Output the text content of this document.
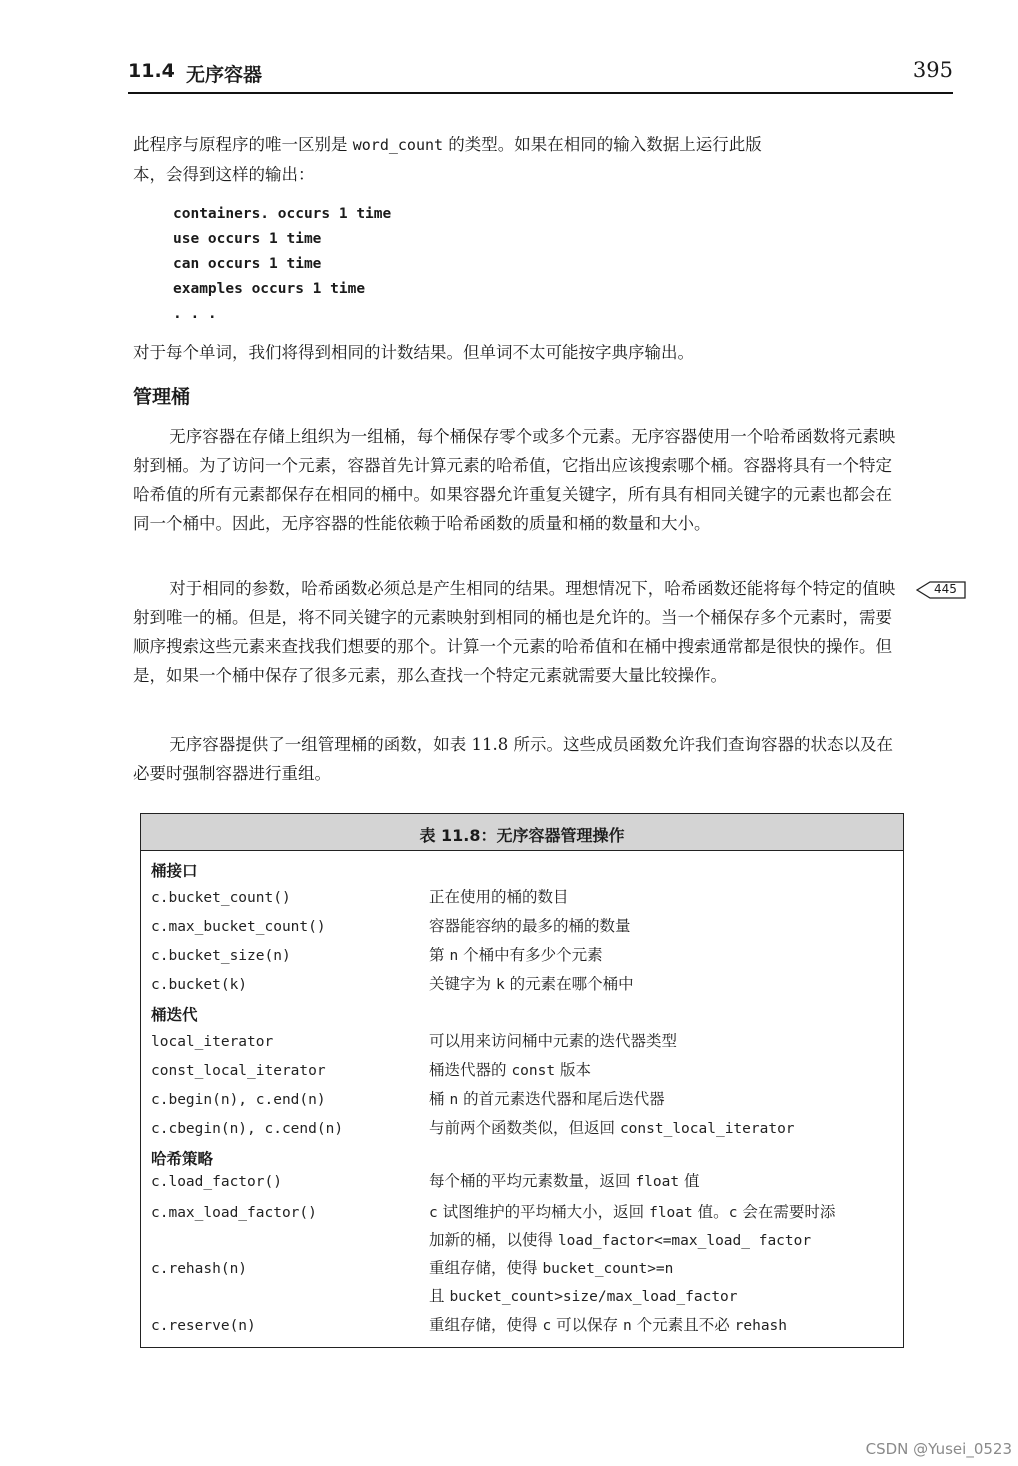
11.4 无序容器	395
此程序与原程序的唯一区别是 word_count 的类型。如果在相同的输入数据上运行此版
本，会得到这样的输出：
containers. occurs 1 time
use occurs 1 time
can occurs 1 time
examples occurs 1 time
. . .
对于每个单词，我们将得到相同的计数结果。但单词不太可能按字典序输出。
管理桶
无序容器在存储上组织为一组桶，每个桶保存零个或多个元素。无序容器使用一个哈希函数将元素映射到桶。为了访问一个元素，容器首先计算元素的哈希值，它指出应该搜索哪个桶。容器将具有一个特定哈希值的所有元素都保存在相同的桶中。如果容器允许重复关键字，所有具有相同关键字的元素也都会在同一个桶中。因此，无序容器的性能依赖于哈希函数的质量和桶的数量和大小。
对于相同的参数，哈希函数必须总是产生相同的结果。理想情况下，哈希函数还能将每个特定的值映射到唯一的桶。但是，将不同关键字的元素映射到相同的桶也是允许的。当一个桶保存多个元素时，需要顺序搜索这些元素来查找我们想要的那个。计算一个元素的哈希值和在桶中搜索通常都是很快的操作。但是，如果一个桶中保存了很多元素，那么查找一个特定元素就需要大量比较操作。
无序容器提供了一组管理桶的函数，如表 11.8 所示。这些成员函数允许我们查询容器的状态以及在必要时强制容器进行重组。
445
表 11.8：无序容器管理操作
桶接口
c.bucket_count()	正在使用的桶的数目
c.max_bucket_count()	容器能容纳的最多的桶的数量
c.bucket_size(n)	第 n 个桶中有多少个元素
c.bucket(k)	关键字为 k 的元素在哪个桶中
桶迭代
local_iterator	可以用来访问桶中元素的迭代器类型
const_local_iterator	桶迭代器的 const 版本
c.begin(n), c.end(n)	桶 n 的首元素迭代器和尾后迭代器
c.cbegin(n), c.cend(n)	与前两个函数类似，但返回 const_local_iterator
哈希策略
c.load_factor()	每个桶的平均元素数量，返回 float 值
c.max_load_factor()	c 试图维护的平均桶大小，返回 float 值。c 会在需要时添
加新的桶，以使得 load_factor<=max_load_ factor
c.rehash(n)	重组存储，使得 bucket_count>=n
且 bucket_count>size/max_load_factor
c.reserve(n)	重组存储，使得 c 可以保存 n 个元素且不必 rehash
CSDN @Yusei_0523
